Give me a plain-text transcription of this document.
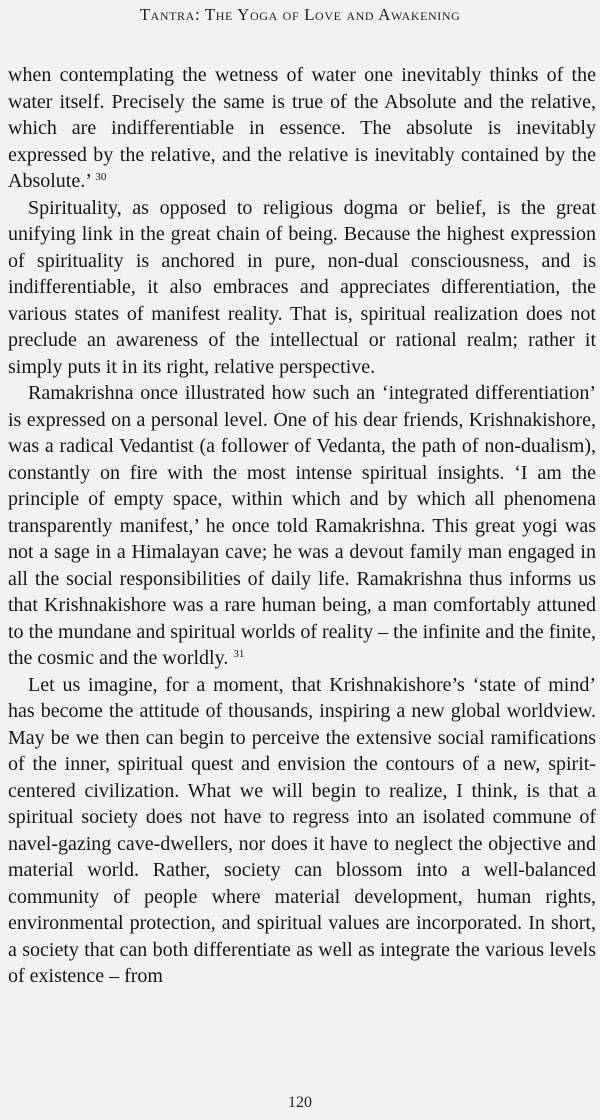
Tantra: The Yoga of Love and Awakening

when contemplating the wetness of water one inevitably thinks of the water itself. Precisely the same is true of the Absolute and the relative, which are indifferentiable in essence. The absolute is inevitably expressed by the relative, and the relative is inevitably contained by the Absolute.’ $^{30}$

Spirituality, as opposed to religious dogma or belief, is the great unifying link in the great chain of being. Because the highest expression of spirituality is anchored in pure, non-dual consciousness, and is indifferentiable, it also embraces and appreciates differentiation, the various states of manifest reality. That is, spiritual realization does not preclude an awareness of the intellectual or rational realm; rather it simply puts it in its right, relative perspective.

Ramakrishna once illustrated how such an ‘integrated differentiation’ is expressed on a personal level. One of his dear friends, Krishnakishore, was a radical Vedantist (a follower of Vedanta, the path of non-dualism), constantly on fire with the most intense spiritual insights. ‘I am the principle of empty space, within which and by which all phenomena transparently manifest,’ he once told Ramakrishna. This great yogi was not a sage in a Himalayan cave; he was a devout family man engaged in all the social responsibilities of daily life. Ramakrishna thus informs us that Krishnakishore was a rare human being, a man comfortably attuned to the mundane and spiritual worlds of reality – the infinite and the finite, the cosmic and the worldly. $^{31}$

Let us imagine, for a moment, that Krishnakishore’s ‘state of mind’ has become the attitude of thousands, inspiring a new global worldview. May be we then can begin to perceive the extensive social ramifications of the inner, spiritual quest and envision the contours of a new, spirit-centered civilization. What we will begin to realize, I think, is that a spiritual society does not have to regress into an isolated commune of navel-gazing cave-dwellers, nor does it have to neglect the objective and material world. Rather, society can blossom into a well-balanced community of people where material development, human rights, environmental protection, and spiritual values are incorporated. In short, a society that can both differentiate as well as integrate the various levels of existence – from

120
